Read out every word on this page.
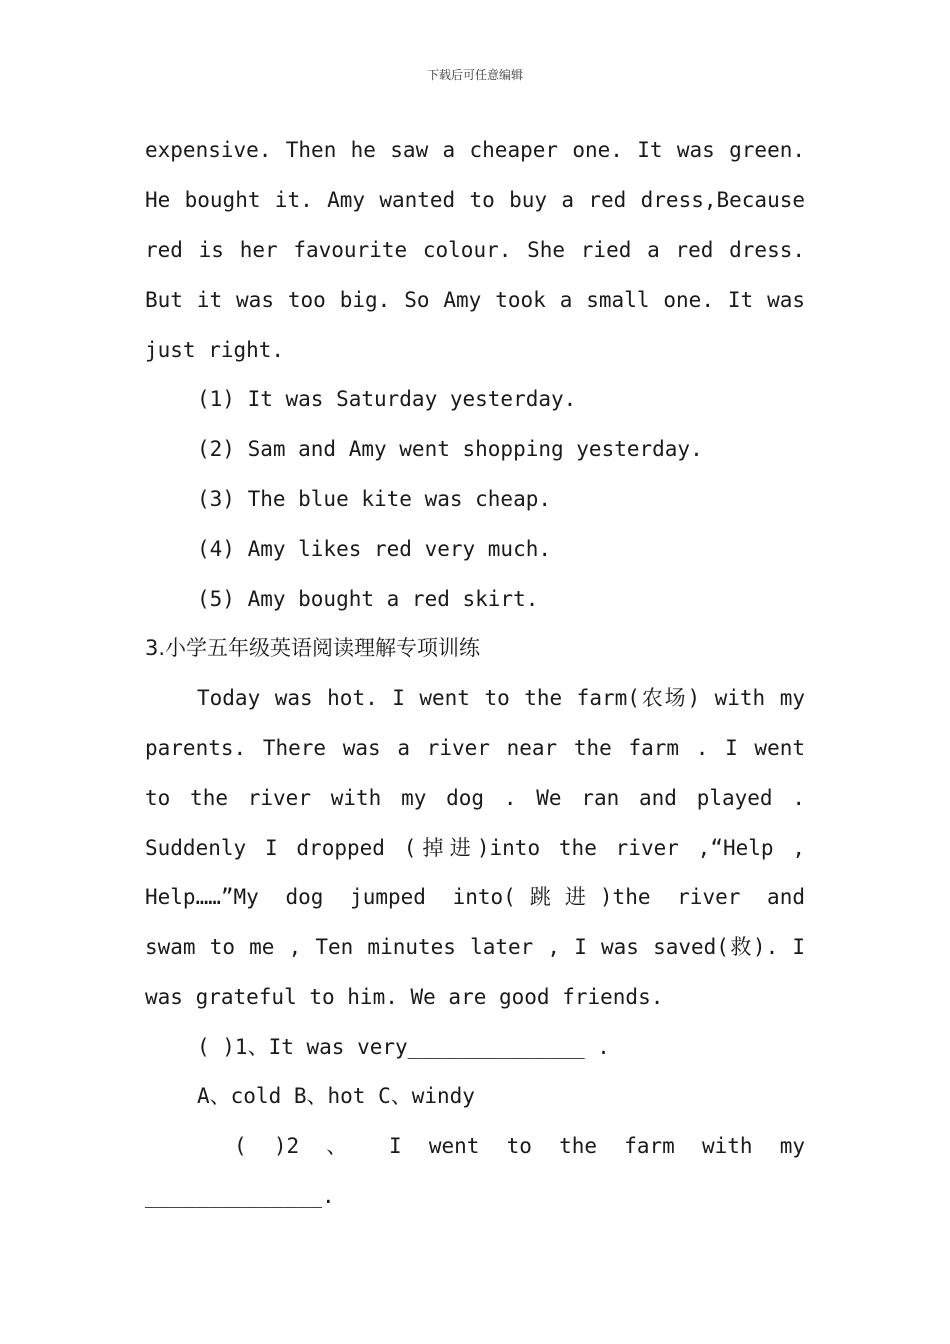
下载后可任意编辑
expensive. Then he saw a cheaper one. It was green.
He bought it. Amy wanted to buy a red dress,Because
red is her favourite colour. She ried a red dress.
But it was too big. So Amy took a small one. It was
just right.
(1) It was Saturday yesterday.
(2) Sam and Amy went shopping yesterday.
(3) The blue kite was cheap.
(4) Amy likes red very much.
(5) Amy bought a red skirt.
3.小学五年级英语阅读理解专项训练
Today was hot. I went to the farm(农场) with my
parents. There was a river near the farm . I went
to the river with my dog . We ran and played .
Suddenly I dropped (掉进)into the river ,“Help ,
Help……”My dog jumped into(跳进)the river and
swam to me , Ten minutes later , I was saved(救). I
was grateful to him. We are good friends.
( )1、It was very______________ .
A、cold B、hot C、windy
( )2 、 I went to the farm with my
______________.
